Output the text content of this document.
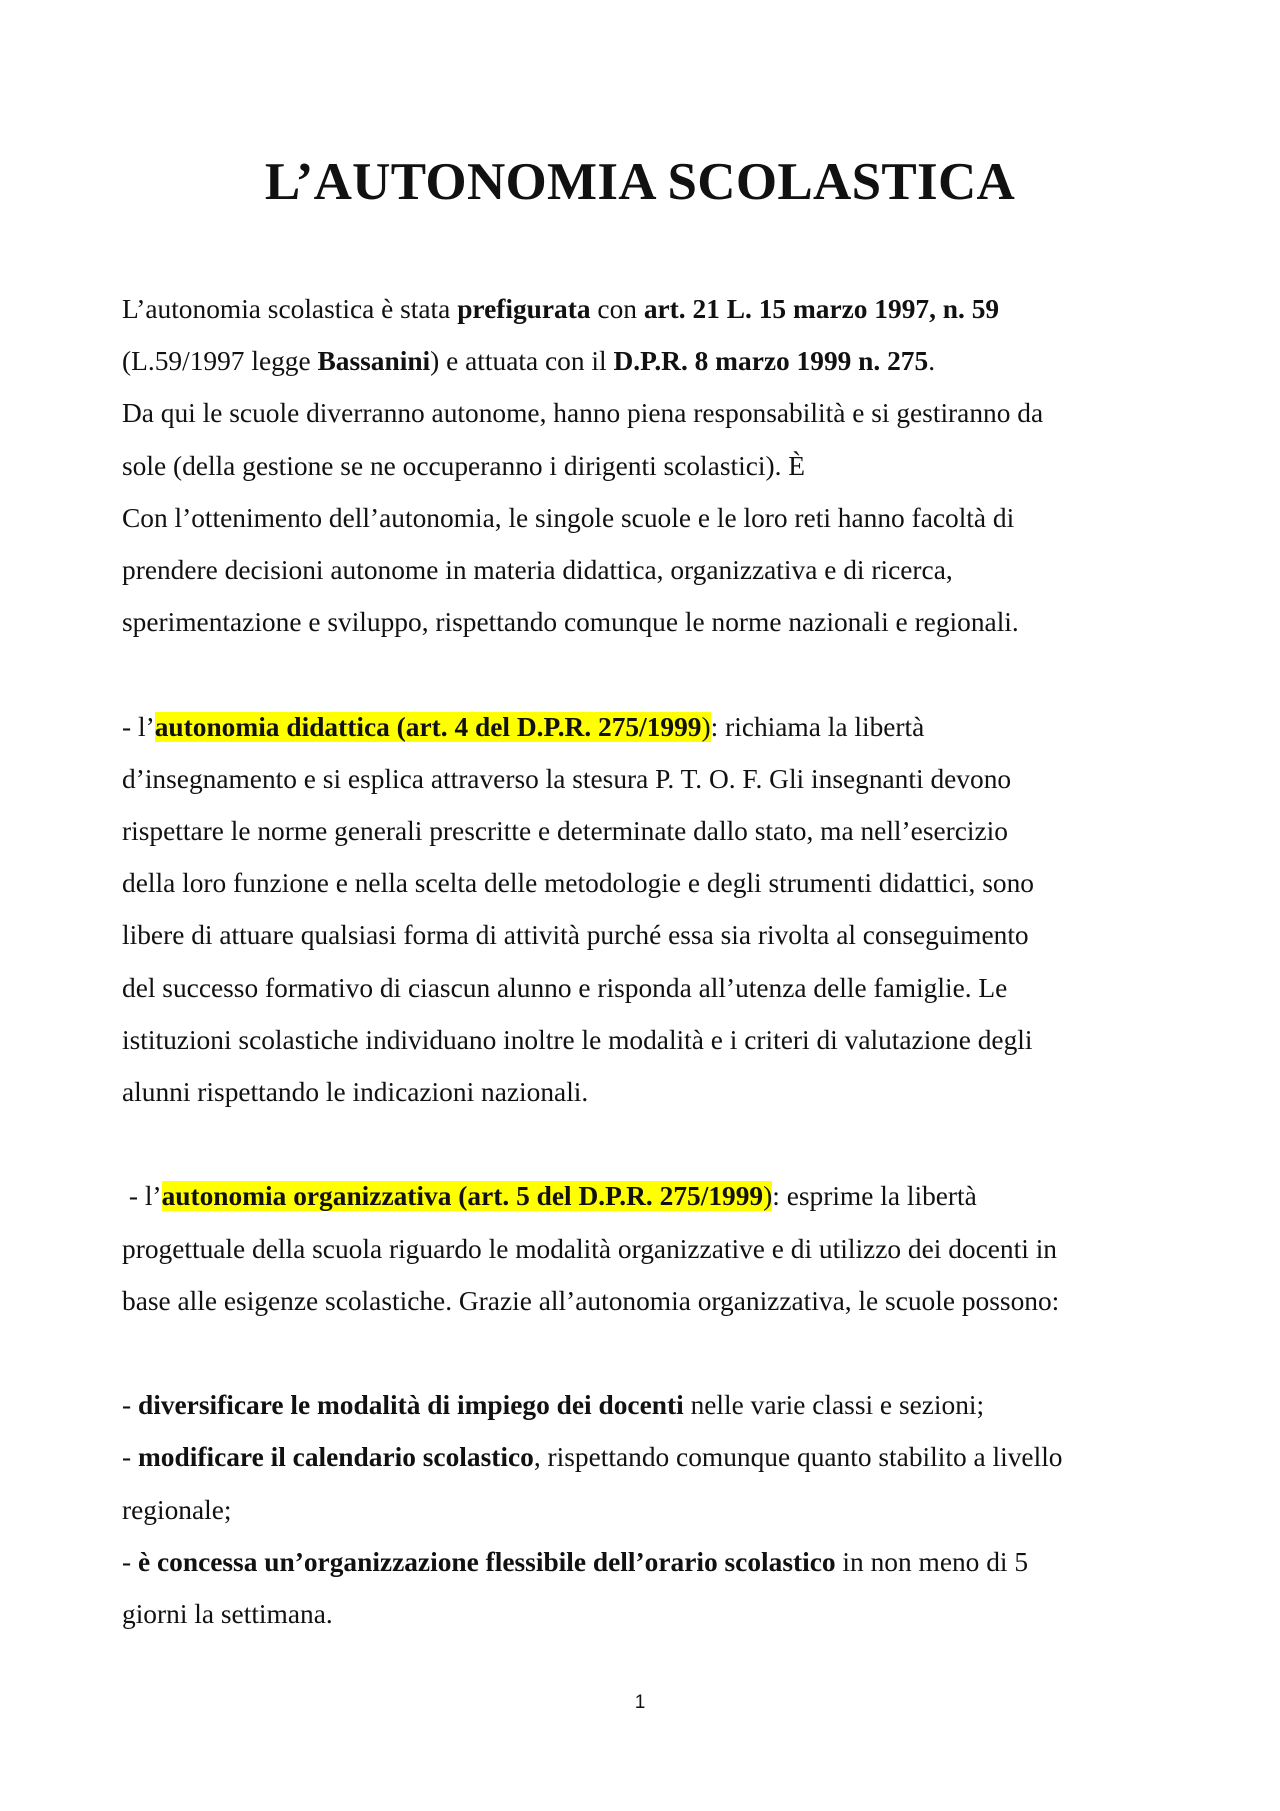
L’AUTONOMIA SCOLASTICA

L’autonomia scolastica è stata prefigurata con art. 21 L. 15 marzo 1997, n. 59

(L.59/1997 legge Bassanini) e attuata con il D.P.R. 8 marzo 1999 n. 275.

Da qui le scuole diverranno autonome, hanno piena responsabilità e si gestiranno da

sole (della gestione se ne occuperanno i dirigenti scolastici). È

Con l’ottenimento dell’autonomia, le singole scuole e le loro reti hanno facoltà di

prendere decisioni autonome in materia didattica, organizzativa e di ricerca,

sperimentazione e sviluppo, rispettando comunque le norme nazionali e regionali.

- l’autonomia didattica (art. 4 del D.P.R. 275/1999): richiama la libertà

d’insegnamento e si esplica attraverso la stesura P. T. O. F. Gli insegnanti devono

rispettare le norme generali prescritte e determinate dallo stato, ma nell’esercizio

della loro funzione e nella scelta delle metodologie e degli strumenti didattici, sono

libere di attuare qualsiasi forma di attività purché essa sia rivolta al conseguimento

del successo formativo di ciascun alunno e risponda all’utenza delle famiglie. Le

istituzioni scolastiche individuano inoltre le modalità e i criteri di valutazione degli

alunni rispettando le indicazioni nazionali.

- l’autonomia organizzativa (art. 5 del D.P.R. 275/1999): esprime la libertà

progettuale della scuola riguardo le modalità organizzative e di utilizzo dei docenti in

base alle esigenze scolastiche. Grazie all’autonomia organizzativa, le scuole possono:

- diversificare le modalità di impiego dei docenti nelle varie classi e sezioni;

- modificare il calendario scolastico, rispettando comunque quanto stabilito a livello

regionale;

- è concessa un’organizzazione flessibile dell’orario scolastico in non meno di 5

giorni la settimana.

1
